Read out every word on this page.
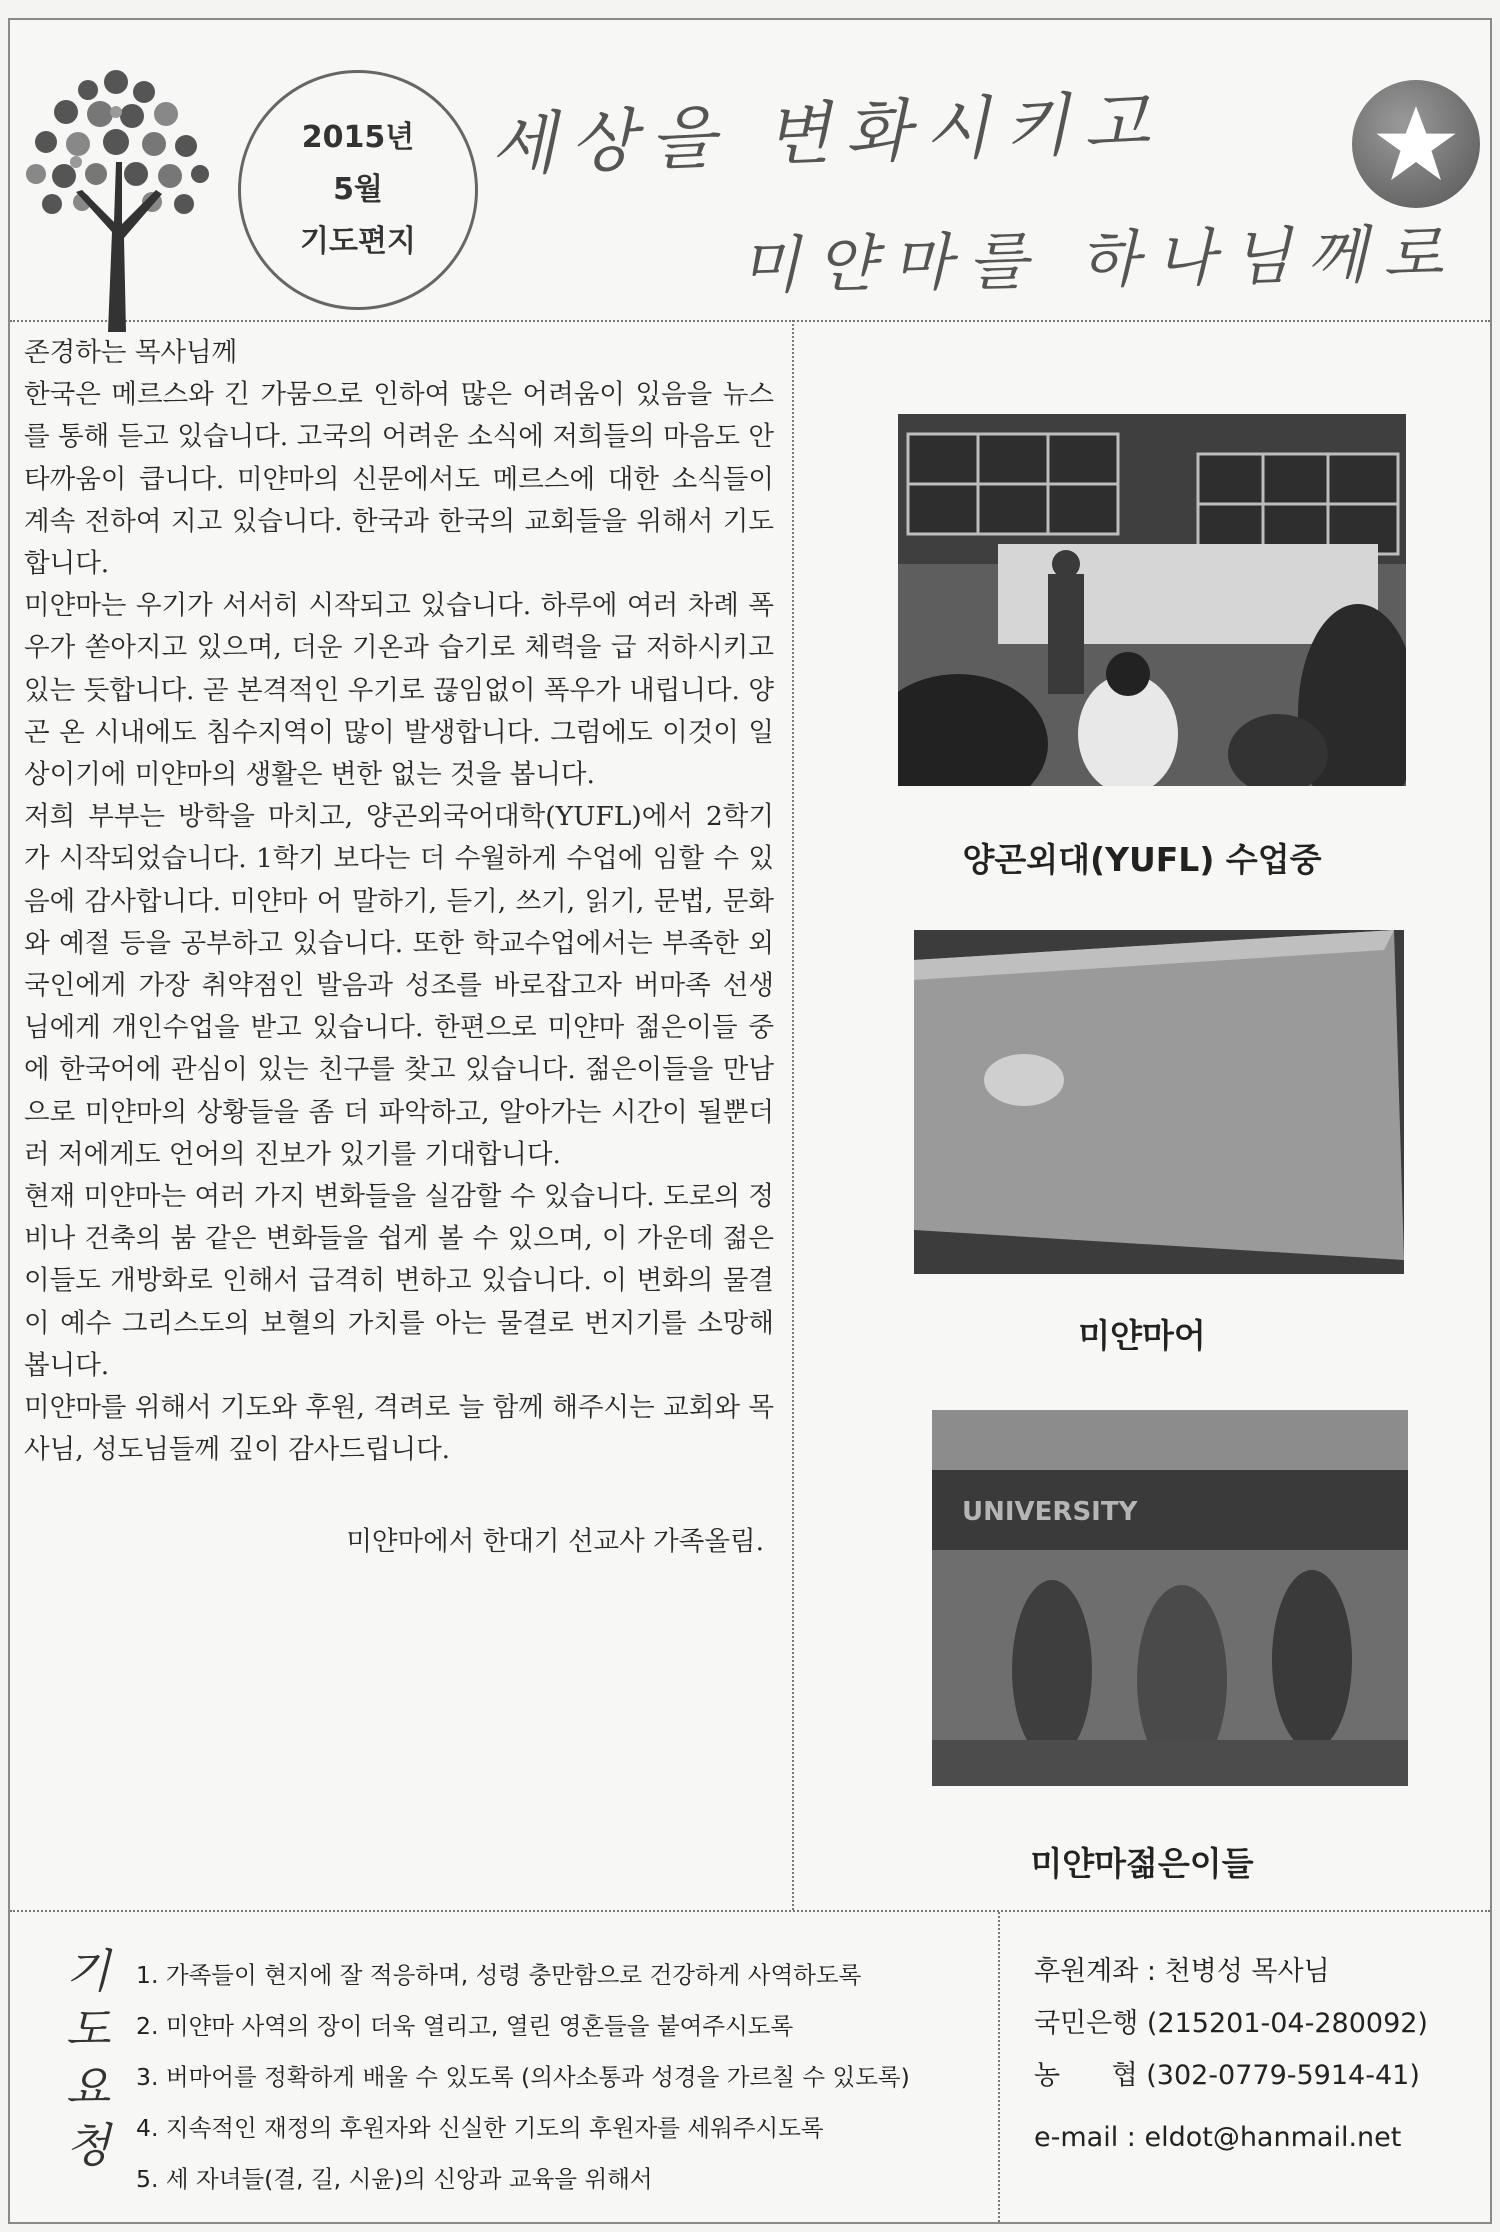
2015년
5월
기도편지
세상을 변화시키고
미얀마를 하나님께로

존경하는 목사님께

한국은 메르스와 긴 가뭄으로 인하여 많은 어려움이 있음을 뉴스를 통해 듣고 있습니다. 고국의 어려운 소식에 저희들의 마음도 안타까움이 큽니다. 미얀마의 신문에서도 메르스에 대한 소식들이 계속 전하여 지고 있습니다. 한국과 한국의 교회들을 위해서 기도합니다.

미얀마는 우기가 서서히 시작되고 있습니다. 하루에 여러 차례 폭우가 쏟아지고 있으며, 더운 기온과 습기로 체력을 급 저하시키고 있는 듯합니다. 곧 본격적인 우기로 끊임없이 폭우가 내립니다. 양곤 온 시내에도 침수지역이 많이 발생합니다. 그럼에도 이것이 일상이기에 미얀마의 생활은 변한 없는 것을 봅니다.

저희 부부는 방학을 마치고, 양곤외국어대학(YUFL)에서 2학기가 시작되었습니다. 1학기 보다는 더 수월하게 수업에 임할 수 있음에 감사합니다. 미얀마 어 말하기, 듣기, 쓰기, 읽기, 문법, 문화와 예절 등을 공부하고 있습니다. 또한 학교수업에서는 부족한 외국인에게 가장 취약점인 발음과 성조를 바로잡고자 버마족 선생님에게 개인수업을 받고 있습니다. 한편으로 미얀마 젊은이들 중에 한국어에 관심이 있는 친구를 찾고 있습니다. 젊은이들을 만남으로 미얀마의 상황들을 좀 더 파악하고, 알아가는 시간이 될뿐더러 저에게도 언어의 진보가 있기를 기대합니다.

현재 미얀마는 여러 가지 변화들을 실감할 수 있습니다. 도로의 정비나 건축의 붐 같은 변화들을 쉽게 볼 수 있으며, 이 가운데 젊은이들도 개방화로 인해서 급격히 변하고 있습니다. 이 변화의 물결이 예수 그리스도의 보혈의 가치를 아는 물결로 번지기를 소망해봅니다.

미얀마를 위해서 기도와 후원, 격려로 늘 함께 해주시는 교회와 목사님, 성도님들께 깊이 감사드립니다.

미얀마에서 한대기 선교사 가족올림.

양곤외대(YUFL) 수업중
미얀마어
UNIVERSITY
미얀마젊은이들
기도
요청
1. 가족들이 현지에 잘 적응하며, 성령 충만함으로 건강하게 사역하도록
2. 미얀마 사역의 장이 더욱 열리고, 열린 영혼들을 붙여주시도록
3. 버마어를 정확하게 배울 수 있도록 (의사소통과 성경을 가르칠 수 있도록)
4. 지속적인 재정의 후원자와 신실한 기도의 후원자를 세워주시도록
5. 세 자녀들(결, 길, 시윤)의 신앙과 교육을 위해서
후원계좌 : 천병성 목사님
국민은행 (215201-04-280092)
농      협 (302-0779-5914-41)
e-mail : eldot@hanmail.net
